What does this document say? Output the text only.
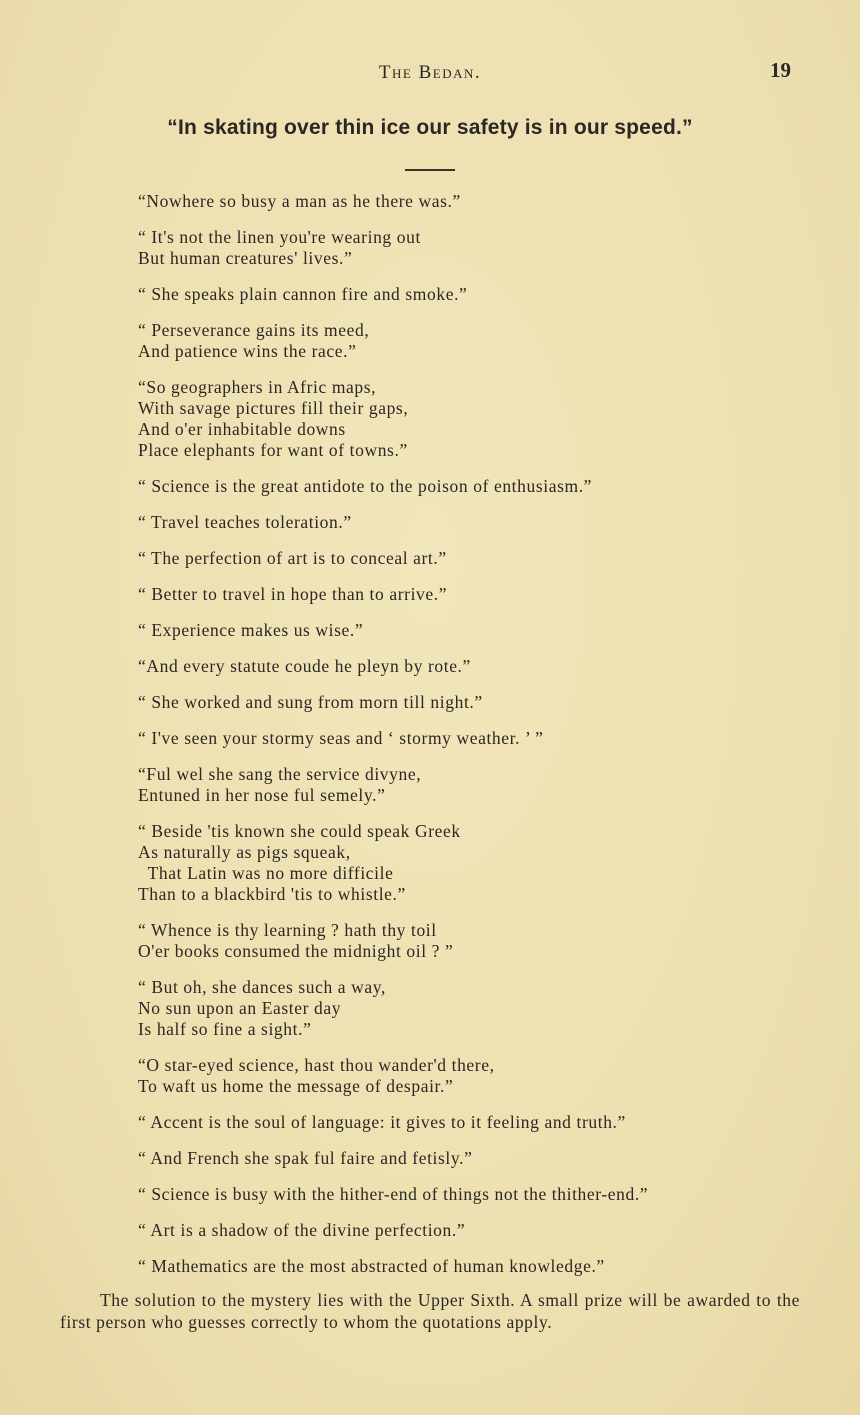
The Bedan.	19
“In skating over thin ice our safety is in our speed.”
“Nowhere so busy a man as he there was.”
“ It's not the linen you're wearing out
But human creatures' lives.”
“ She speaks plain cannon fire and smoke.”
“ Perseverance gains its meed,
And patience wins the race.”
“So geographers in Afric maps,
With savage pictures fill their gaps,
And o'er inhabitable downs
Place elephants for want of towns.”
“ Science is the great antidote to the poison of enthusiasm.”
“ Travel teaches toleration.”
“ The perfection of art is to conceal art.”
“ Better to travel in hope than to arrive.”
“ Experience makes us wise.”
“And every statute coude he pleyn by rote.”
“ She worked and sung from morn till night.”
“ I've seen your stormy seas and ‘ stormy weather. ’ ”
“Ful wel she sang the service divyne,
Entuned in her nose ful semely.”
“ Beside 'tis known she could speak Greek
As naturally as pigs squeak,
That Latin was no more difficile
Than to a blackbird 'tis to whistle.”
“ Whence is thy learning ? hath thy toil
O'er books consumed the midnight oil ? ”
“ But oh, she dances such a way,
No sun upon an Easter day
Is half so fine a sight.”
“O star-eyed science, hast thou wander'd there,
To waft us home the message of despair.”
“ Accent is the soul of language: it gives to it feeling and truth.”
“ And French she spak ful faire and fetisly.”
“ Science is busy with the hither-end of things not the thither-end.”
“ Art is a shadow of the divine perfection.”
“ Mathematics are the most abstracted of human knowledge.”
The solution to the mystery lies with the Upper Sixth. A small prize will be awarded to the first person who guesses correctly to whom the quotations apply.
